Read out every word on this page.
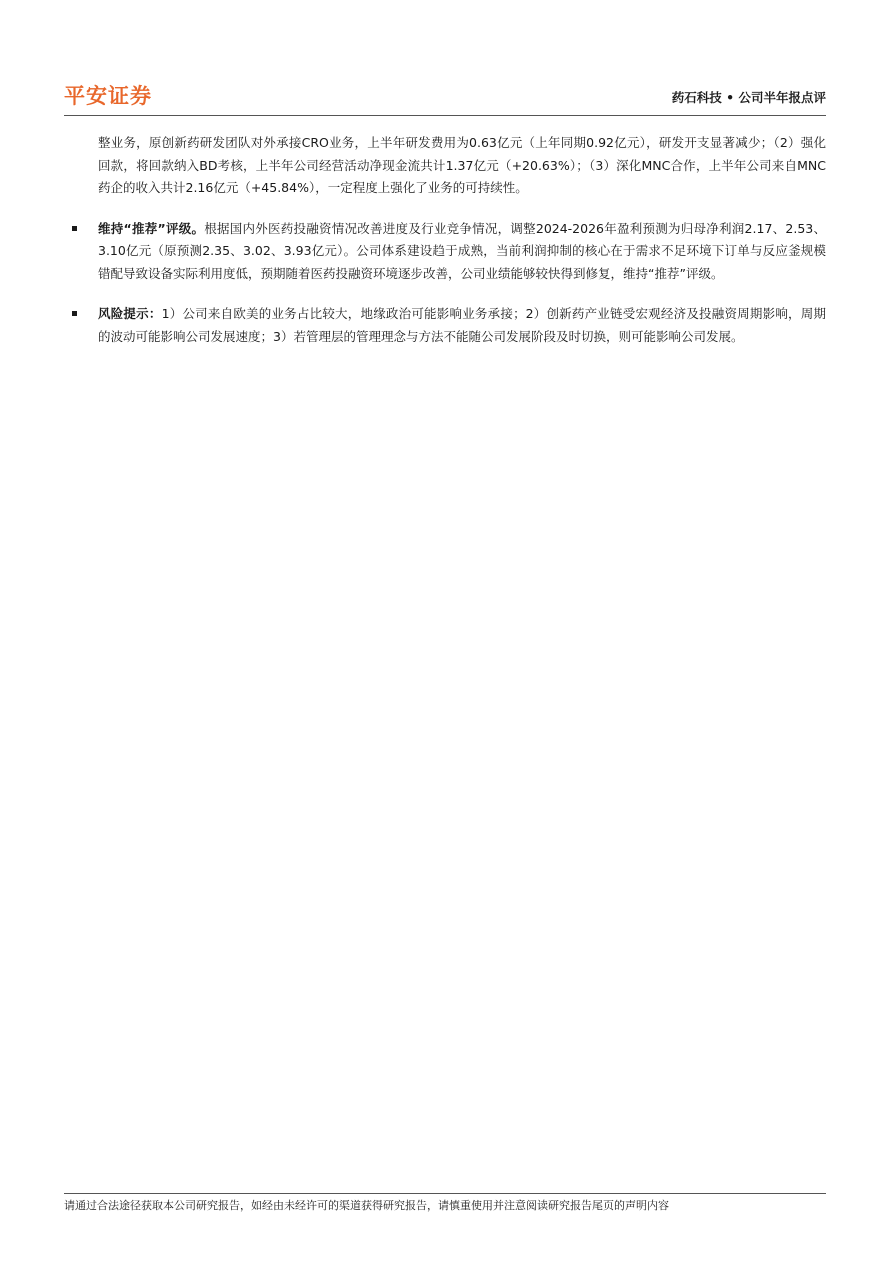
平安证券	药石科技 • 公司半年报点评

整业务，原创新药研发团队对外承接CRO业务，上半年研发费用为0.63亿元（上年同期0.92亿元），研发开支显著减少；（2）强化回款，将回款纳入BD考核，上半年公司经营活动净现金流共计1.37亿元（+20.63%）；（3）深化MNC合作，上半年公司来自MNC药企的收入共计2.16亿元（+45.84%），一定程度上强化了业务的可持续性。

维持“推荐”评级。根据国内外医药投融资情况改善进度及行业竞争情况，调整2024-2026年盈利预测为归母净利润2.17、2.53、3.10亿元（原预测2.35、3.02、3.93亿元）。公司体系建设趋于成熟，当前利润抑制的核心在于需求不足环境下订单与反应釜规模错配导致设备实际利用度低，预期随着医药投融资环境逐步改善，公司业绩能够较快得到修复，维持“推荐”评级。

风险提示：1）公司来自欧美的业务占比较大，地缘政治可能影响业务承接；2）创新药产业链受宏观经济及投融资周期影响，周期的波动可能影响公司发展速度；3）若管理层的管理理念与方法不能随公司发展阶段及时切换，则可能影响公司发展。

请通过合法途径获取本公司研究报告，如经由未经许可的渠道获得研究报告，请慎重使用并注意阅读研究报告尾页的声明内容
